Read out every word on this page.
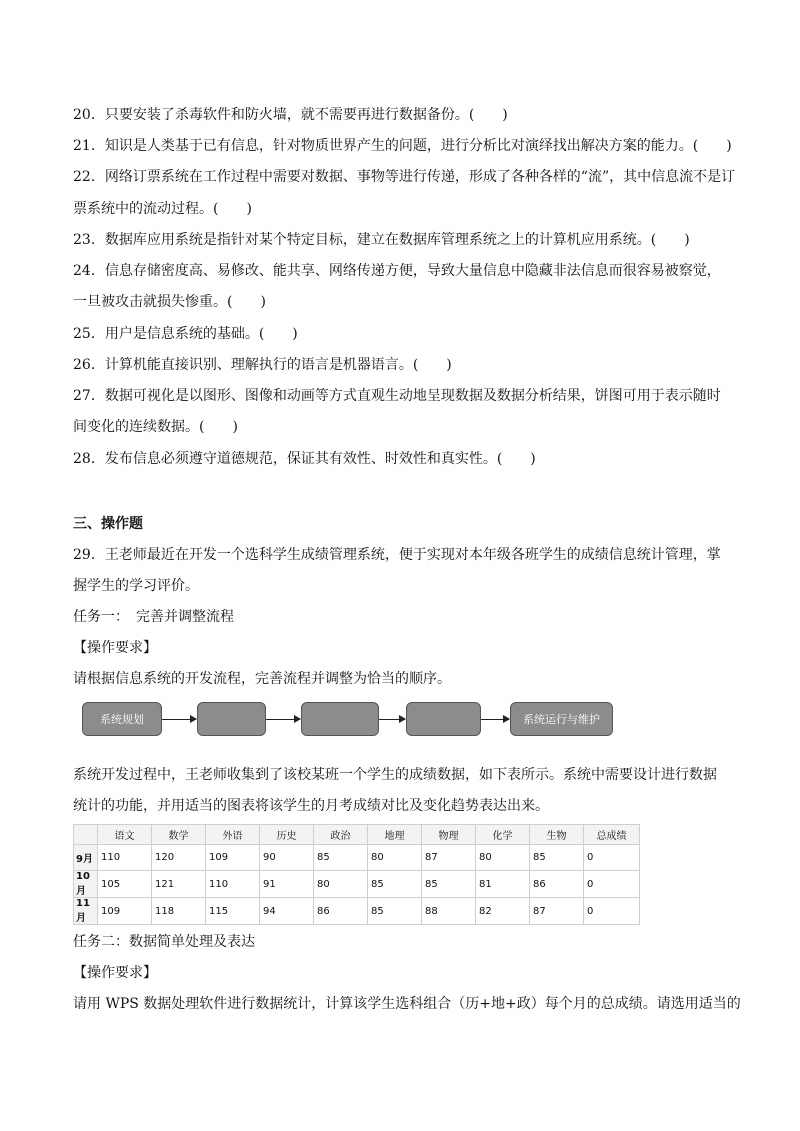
20．只要安装了杀毒软件和防火墙，就不需要再进行数据备份。(　　)
21．知识是人类基于已有信息，针对物质世界产生的问题，进行分析比对演绎找出解决方案的能力。(　　)
22．网络订票系统在工作过程中需要对数据、事物等进行传递，形成了各种各样的“流”，其中信息流不是订
票系统中的流动过程。(　　)
23．数据库应用系统是指针对某个特定目标，建立在数据库管理系统之上的计算机应用系统。(　　)
24．信息存储密度高、易修改、能共享、网络传递方便，导致大量信息中隐藏非法信息而很容易被察觉，
一旦被攻击就损失惨重。(　　)
25．用户是信息系统的基础。(　　)
26．计算机能直接识别、理解执行的语言是机器语言。(　　)
27．数据可视化是以图形、图像和动画等方式直观生动地呈现数据及数据分析结果，饼图可用于表示随时
间变化的连续数据。(　　)
28．发布信息必须遵守道德规范，保证其有效性、时效性和真实性。(　　)
三、操作题
29．王老师最近在开发一个选科学生成绩管理系统，便于实现对本年级各班学生的成绩信息统计管理，掌
握学生的学习评价。
任务一：　完善并调整流程
【操作要求】
请根据信息系统的开发流程，完善流程并调整为恰当的顺序。
系统规划	系统运行与维护
系统开发过程中，王老师收集到了该校某班一个学生的成绩数据，如下表所示。系统中需要设计进行数据
统计的功能，并用适当的图表将该学生的月考成绩对比及变化趋势表达出来。
	语文	数学	外语	历史	政治	地理	物理	化学	生物	总成绩
9月	110	120	109	90	85	80	87	80	85	0
10月	105	121	110	91	80	85	85	81	86	0
11月	109	118	115	94	86	85	88	82	87	0
任务二：数据简单处理及表达
【操作要求】
请用 WPS 数据处理软件进行数据统计，计算该学生选科组合（历+地+政）每个月的总成绩。请选用适当的
